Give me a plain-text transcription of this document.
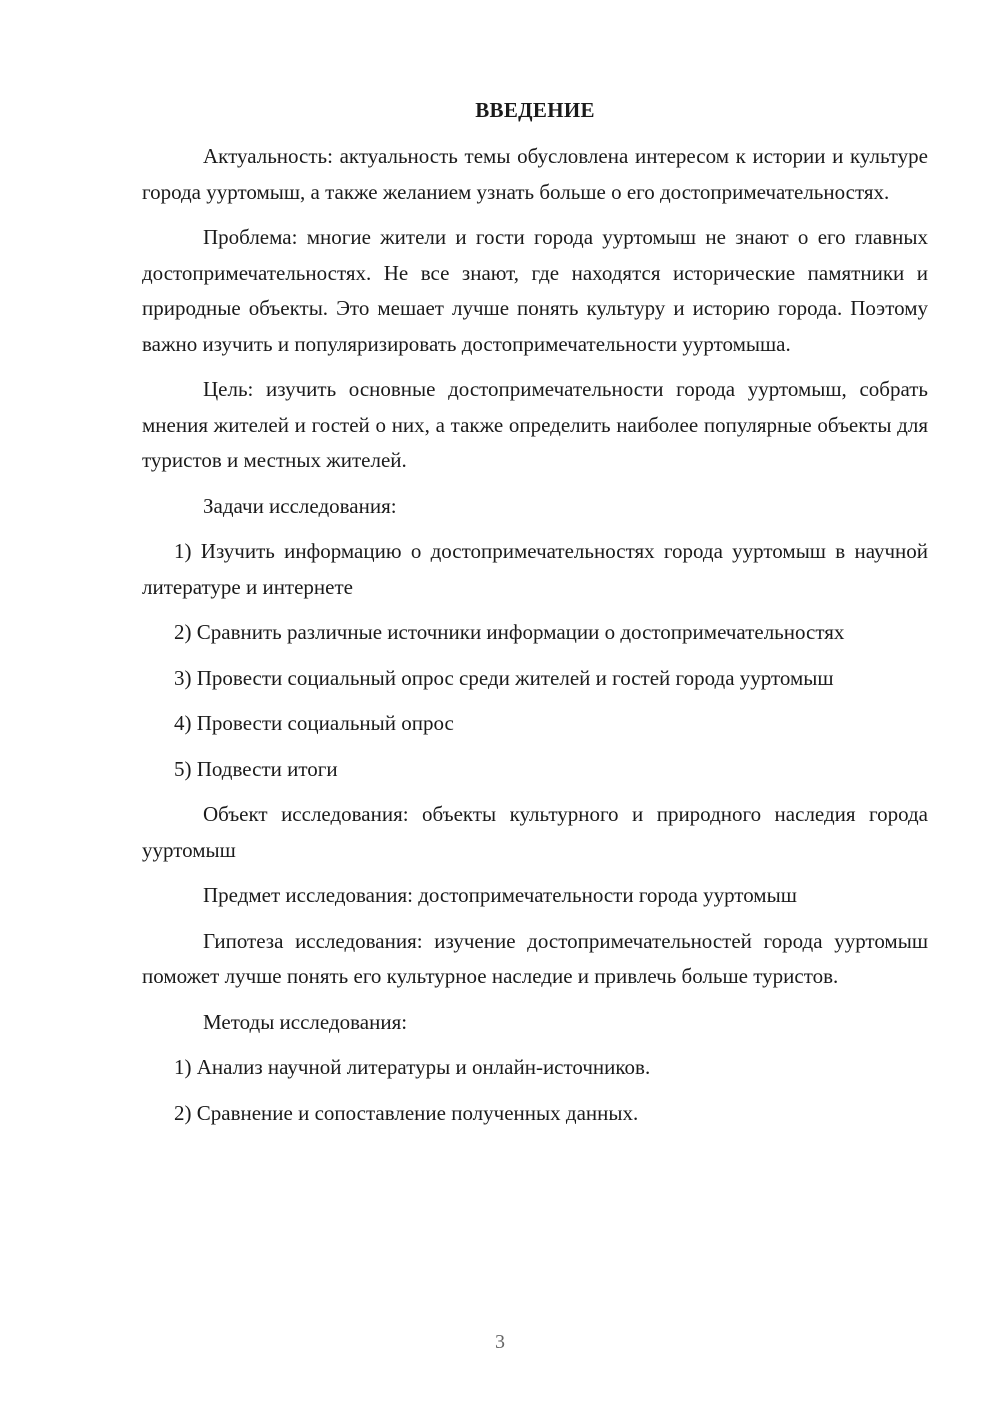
ВВЕДЕНИЕ

Актуальность: актуальность темы обусловлена интересом к истории и культуре города ууртомыш, а также желанием узнать больше о его достопримечательностях.

Проблема: многие жители и гости города ууртомыш не знают о его главных достопримечательностях. Не все знают, где находятся исторические памятники и природные объекты. Это мешает лучше понять культуру и историю города. Поэтому важно изучить и популяризировать достопримечательности ууртомыша.

Цель: изучить основные достопримечательности города ууртомыш, собрать мнения жителей и гостей о них, а также определить наиболее популярные объекты для туристов и местных жителей.

Задачи исследования:

1) Изучить информацию о достопримечательностях города ууртомыш в научной литературе и интернете

2) Сравнить различные источники информации о достопримечательностях

3) Провести социальный опрос среди жителей и гостей города ууртомыш

4) Провести социальный опрос

5) Подвести итоги

Объект исследования: объекты культурного и природного наследия города ууртомыш

Предмет исследования: достопримечательности города ууртомыш

Гипотеза исследования: изучение достопримечательностей города ууртомыш поможет лучше понять его культурное наследие и привлечь больше туристов.

Методы исследования:

1) Анализ научной литературы и онлайн-источников.

2) Сравнение и сопоставление полученных данных.

3
